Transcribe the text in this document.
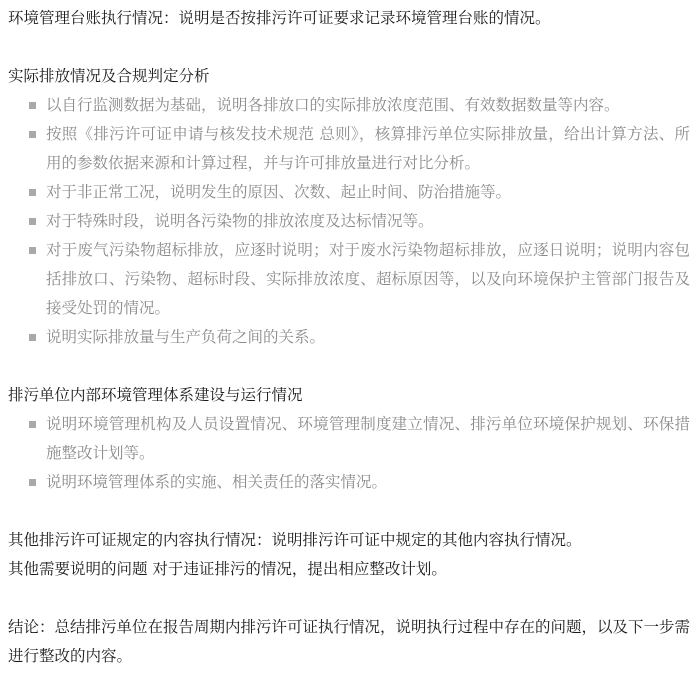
环境管理台账执行情况：说明是否按排污许可证要求记录环境管理台账的情况。

实际排放情况及合规判定分析

以自行监测数据为基础，说明各排放口的实际排放浓度范围、有效数据数量等内容。
按照《排污许可证申请与核发技术规范 总则》，核算排污单位实际排放量，给出计算方法、所用的参数依据来源和计算过程，并与许可排放量进行对比分析。
对于非正常工况，说明发生的原因、次数、起止时间、防治措施等。
对于特殊时段，说明各污染物的排放浓度及达标情况等。
对于废气污染物超标排放，应逐时说明；对于废水污染物超标排放，应逐日说明；说明内容包括排放口、污染物、超标时段、实际排放浓度、超标原因等，以及向环境保护主管部门报告及接受处罚的情况。
说明实际排放量与生产负荷之间的关系。

排污单位内部环境管理体系建设与运行情况

说明环境管理机构及人员设置情况、环境管理制度建立情况、排污单位环境保护规划、环保措施整改计划等。
说明环境管理体系的实施、相关责任的落实情况。

其他排污许可证规定的内容执行情况：说明排污许可证中规定的其他内容执行情况。

其他需要说明的问题 对于违证排污的情况，提出相应整改计划。

结论：总结排污单位在报告周期内排污许可证执行情况，说明执行过程中存在的问题，以及下一步需进行整改的内容。
